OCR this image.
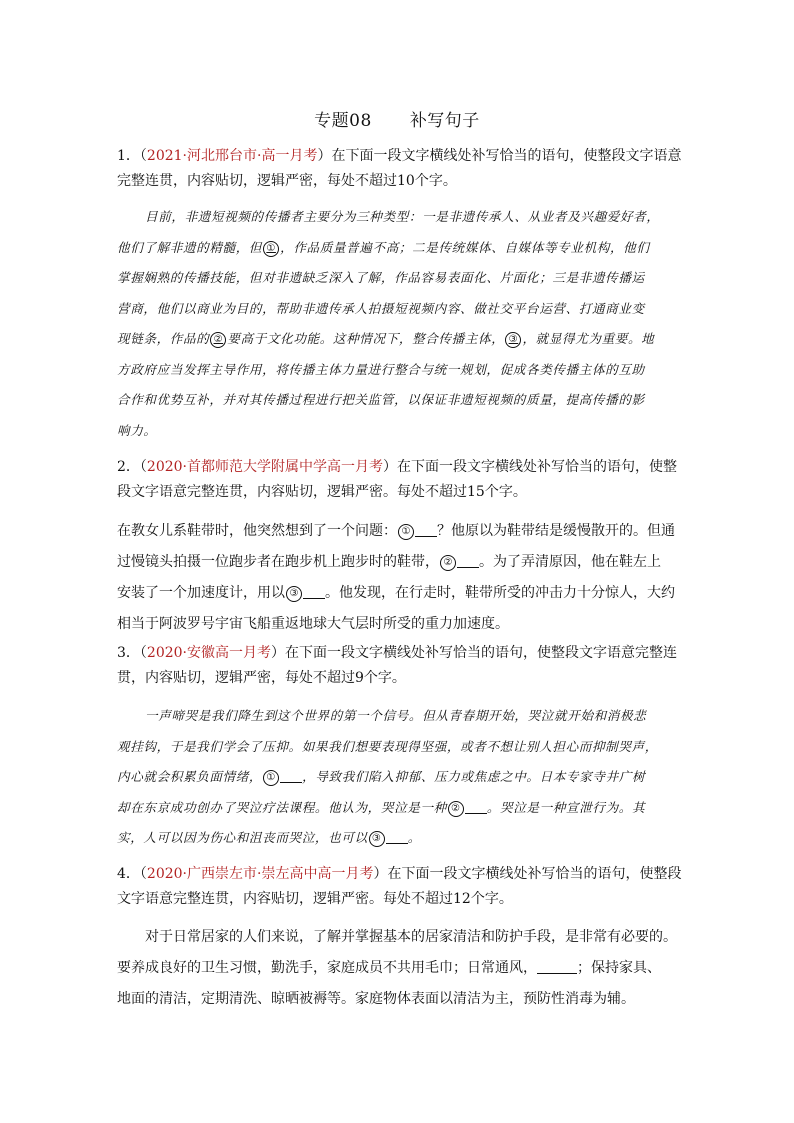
专题08 补写句子

1．（2021·河北邢台市·高一月考）在下面一段文字横线处补写恰当的语句，使整段文字语意

完整连贯，内容贴切，逻辑严密，每处不超过10个字。

目前，非遗短视频的传播者主要分为三种类型：一是非遗传承人、从业者及兴趣爱好者，

他们了解非遗的精髓，但 ① ，作品质量普遍不高；二是传统媒体、自媒体等专业机构，他们

掌握娴熟的传播技能，但对非遗缺乏深入了解，作品容易表面化、片面化；三是非遗传播运

营商，他们以商业为目的，帮助非遗传承人拍摄短视频内容、做社交平台运营、打通商业变

现链条，作品的 ② 要高于文化功能。这种情况下，整合传播主体， ③ ，就显得尤为重要。地

方政府应当发挥主导作用，将传播主体力量进行整合与统一规划，促成各类传播主体的互助

合作和优势互补，并对其传播过程进行把关监管，以保证非遗短视频的质量，提高传播的影

响力。

2．（2020·首都师范大学附属中学高一月考）在下面一段文字横线处补写恰当的语句，使整

段文字语意完整连贯，内容贴切，逻辑严密。每处不超过15个字。

在教女儿系鞋带时，他突然想到了一个问题： ① ？他原以为鞋带结是缓慢散开的。但通

过慢镜头拍摄一位跑步者在跑步机上跑步时的鞋带， ② 。为了弄清原因，他在鞋左上

安装了一个加速度计，用以 ③ 。他发现，在行走时，鞋带所受的冲击力十分惊人，大约

相当于阿波罗号宇宙飞船重返地球大气层时所受的重力加速度。

3．（2020·安徽高一月考）在下面一段文字横线处补写恰当的语句，使整段文字语意完整连

贯，内容贴切，逻辑严密，每处不超过9个字。

一声啼哭是我们降生到这个世界的第一个信号。但从青春期开始，哭泣就开始和消极悲

观挂钩，于是我们学会了压抑。如果我们想要表现得坚强，或者不想让别人担心而抑制哭声，

内心就会积累负面情绪， ① ，导致我们陷入抑郁、压力或焦虑之中。日本专家寺井广树

却在东京成功创办了哭泣疗法课程。他认为，哭泣是一种 ② 。哭泣是一种宣泄行为。其

实，人可以因为伤心和沮丧而哭泣，也可以 ③ 。

4．（2020·广西崇左市·崇左高中高一月考）在下面一段文字横线处补写恰当的语句，使整段

文字语意完整连贯，内容贴切，逻辑严密。每处不超过12个字。

对于日常居家的人们来说，了解并掌握基本的居家清洁和防护手段，是非常有必要的。

要养成良好的卫生习惯，勤洗手，家庭成员不共用毛巾；日常通风，	；保持家具、

地面的清洁，定期清洗、晾晒被褥等。家庭物体表面以清洁为主，预防性消毒为辅。
